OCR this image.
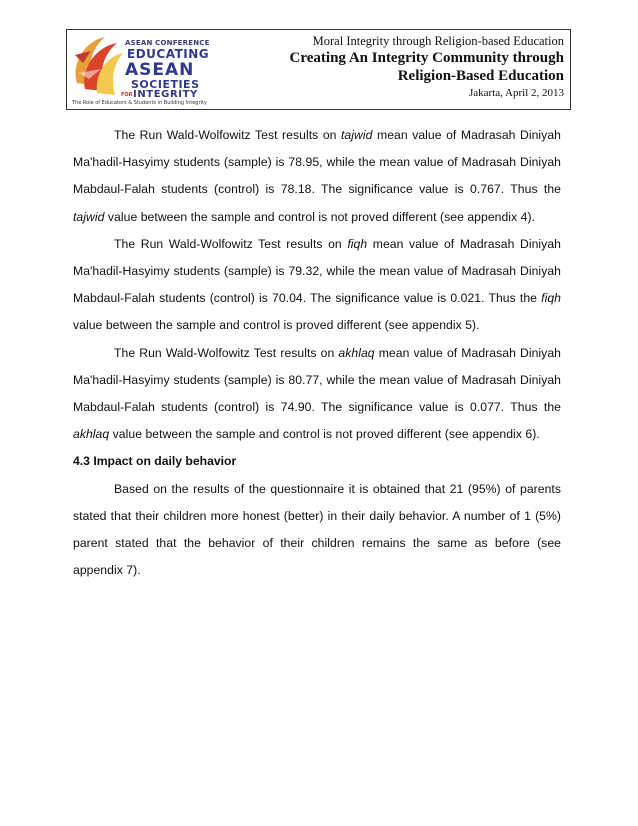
ASEAN CONFERENCE
EDUCATING
ASEAN
SOCIETIES
FOR INTEGRITY
The Role of Educators & Students in Building Integrity
Moral Integrity through Religion-based Education
Creating An Integrity Community through
Religion-Based Education
Jakarta, April 2, 2013

The Run Wald-Wolfowitz Test results on tajwid mean value of Madrasah Diniyah Ma'hadil-Hasyimy students (sample) is 78.95, while the mean value of Madrasah Diniyah Mabdaul-Falah students (control) is 78.18. The significance value is 0.767. Thus the tajwid value between the sample and control is not proved different (see appendix 4).

The Run Wald-Wolfowitz Test results on fiqh mean value of Madrasah Diniyah Ma'hadil-Hasyimy students (sample) is 79.32, while the mean value of Madrasah Diniyah Mabdaul-Falah students (control) is 70.04. The significance value is 0.021. Thus the fiqh value between the sample and control is proved different (see appendix 5).

The Run Wald-Wolfowitz Test results on akhlaq mean value of Madrasah Diniyah Ma'hadil-Hasyimy students (sample) is 80.77, while the mean value of Madrasah Diniyah Mabdaul-Falah students (control) is 74.90. The significance value is 0.077. Thus the akhlaq value between the sample and control is not proved different (see appendix 6).

4.3 Impact on daily behavior

Based on the results of the questionnaire it is obtained that 21 (95%) of parents stated that their children more honest (better) in their daily behavior. A number of 1 (5%) parent stated that the behavior of their children remains the same as before (see appendix 7).
